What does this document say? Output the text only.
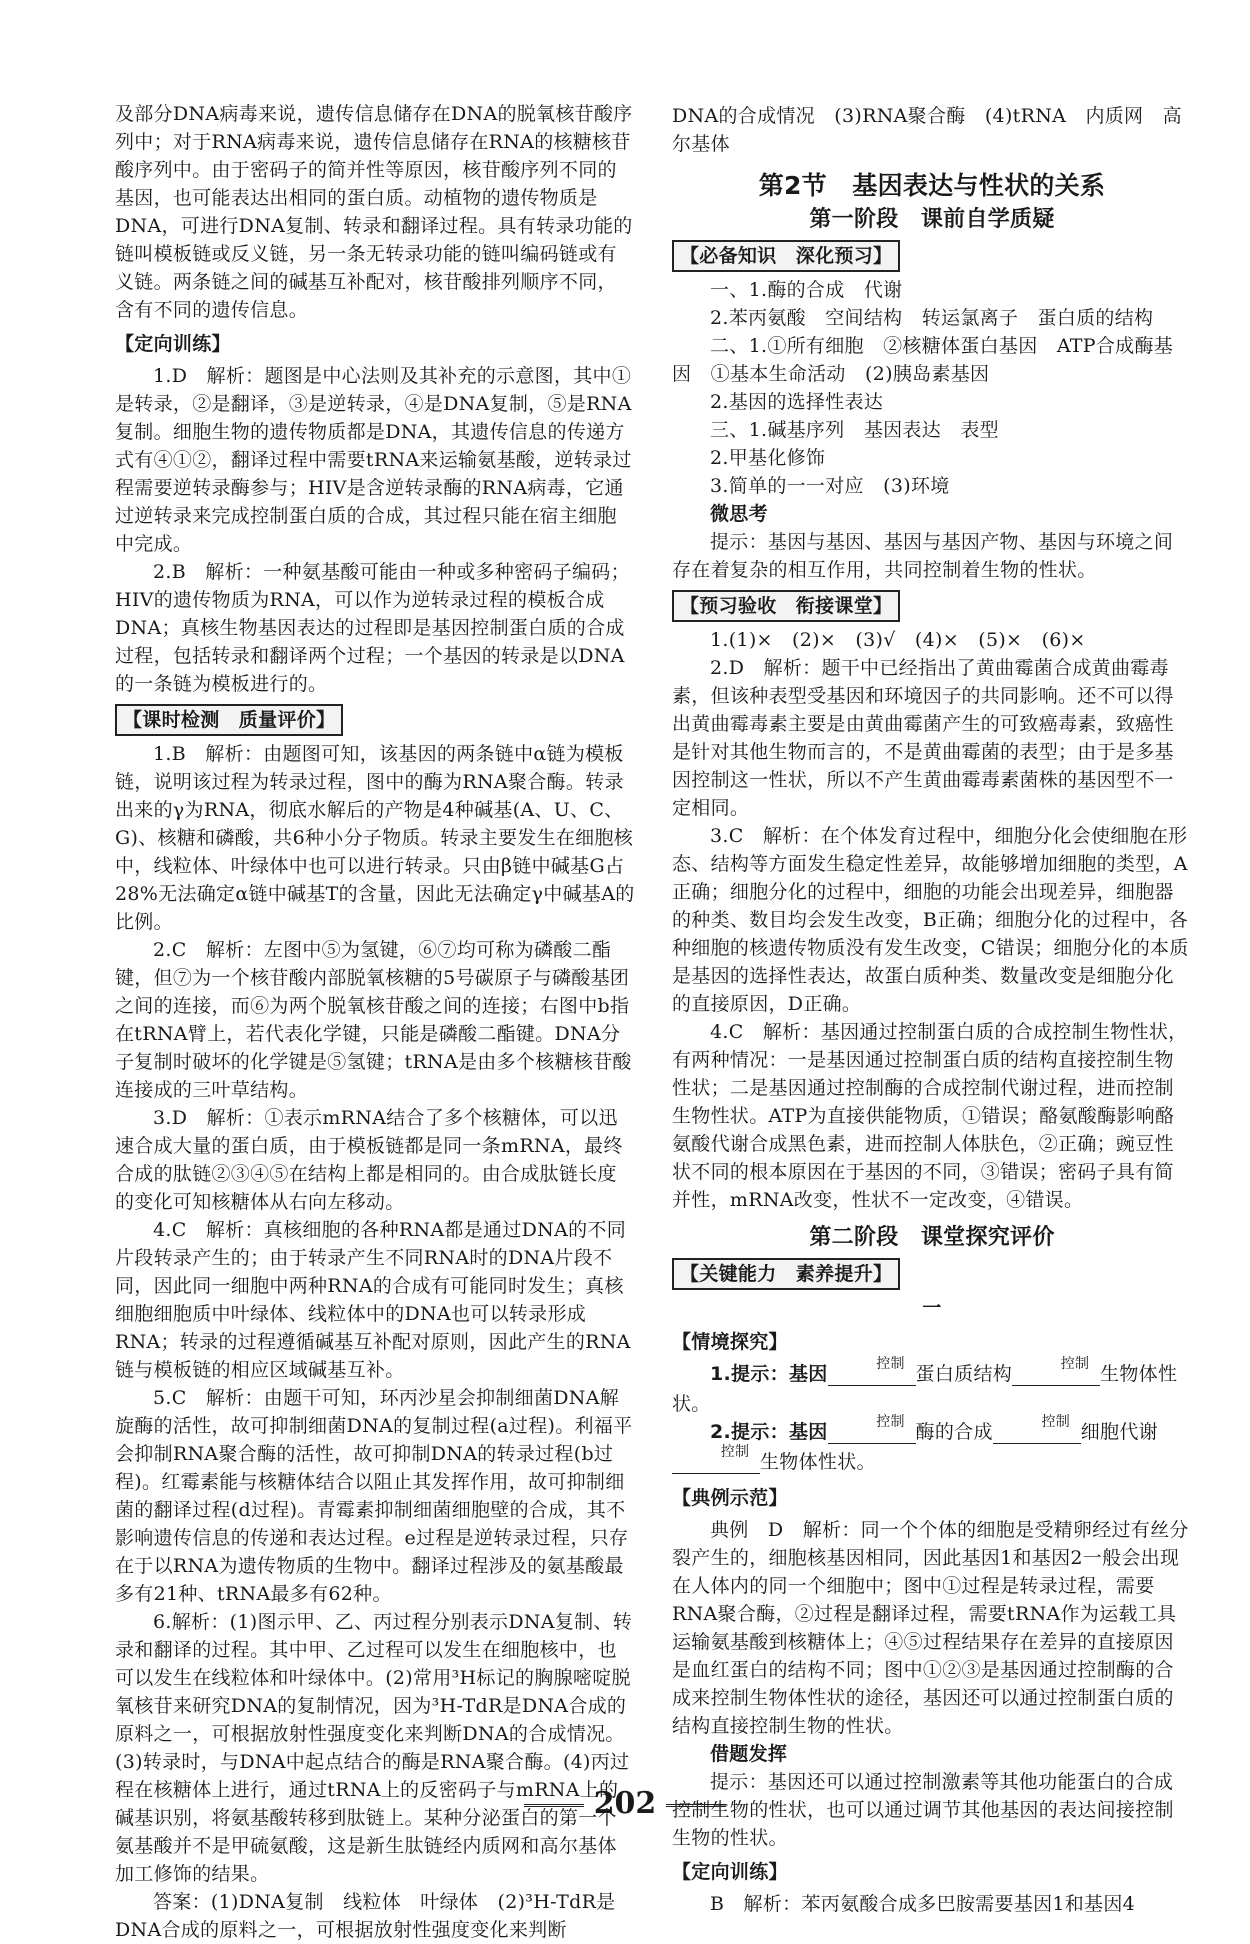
及部分DNA病毒来说，遗传信息储存在DNA的脱氧核苷酸序列中；对于RNA病毒来说，遗传信息储存在RNA的核糖核苷酸序列中。由于密码子的简并性等原因，核苷酸序列不同的基因，也可能表达出相同的蛋白质。动植物的遗传物质是DNA，可进行DNA复制、转录和翻译过程。具有转录功能的链叫模板链或反义链，另一条无转录功能的链叫编码链或有义链。两条链之间的碱基互补配对，核苷酸排列顺序不同，含有不同的遗传信息。

【定向训练】

1.D　解析：题图是中心法则及其补充的示意图，其中①是转录，②是翻译，③是逆转录，④是DNA复制，⑤是RNA复制。细胞生物的遗传物质都是DNA，其遗传信息的传递方式有④①②，翻译过程中需要tRNA来运输氨基酸，逆转录过程需要逆转录酶参与；HIV是含逆转录酶的RNA病毒，它通过逆转录来完成控制蛋白质的合成，其过程只能在宿主细胞中完成。

2.B　解析：一种氨基酸可能由一种或多种密码子编码；HIV的遗传物质为RNA，可以作为逆转录过程的模板合成DNA；真核生物基因表达的过程即是基因控制蛋白质的合成过程，包括转录和翻译两个过程；一个基因的转录是以DNA的一条链为模板进行的。

【课时检测　质量评价】

1.B　解析：由题图可知，该基因的两条链中α链为模板链，说明该过程为转录过程，图中的酶为RNA聚合酶。转录出来的γ为RNA，彻底水解后的产物是4种碱基(A、U、C、G)、核糖和磷酸，共6种小分子物质。转录主要发生在细胞核中，线粒体、叶绿体中也可以进行转录。只由β链中碱基G占28%无法确定α链中碱基T的含量，因此无法确定γ中碱基A的比例。

2.C　解析：左图中⑤为氢键，⑥⑦均可称为磷酸二酯键，但⑦为一个核苷酸内部脱氧核糖的5号碳原子与磷酸基团之间的连接，而⑥为两个脱氧核苷酸之间的连接；右图中b指在tRNA臂上，若代表化学键，只能是磷酸二酯键。DNA分子复制时破坏的化学键是⑤氢键；tRNA是由多个核糖核苷酸连接成的三叶草结构。

3.D　解析：①表示mRNA结合了多个核糖体，可以迅速合成大量的蛋白质，由于模板链都是同一条mRNA，最终合成的肽链②③④⑤在结构上都是相同的。由合成肽链长度的变化可知核糖体从右向左移动。

4.C　解析：真核细胞的各种RNA都是通过DNA的不同片段转录产生的；由于转录产生不同RNA时的DNA片段不同，因此同一细胞中两种RNA的合成有可能同时发生；真核细胞细胞质中叶绿体、线粒体中的DNA也可以转录形成RNA；转录的过程遵循碱基互补配对原则，因此产生的RNA链与模板链的相应区域碱基互补。

5.C　解析：由题干可知，环丙沙星会抑制细菌DNA解旋酶的活性，故可抑制细菌DNA的复制过程(a过程)。利福平会抑制RNA聚合酶的活性，故可抑制DNA的转录过程(b过程)。红霉素能与核糖体结合以阻止其发挥作用，故可抑制细菌的翻译过程(d过程)。青霉素抑制细菌细胞壁的合成，其不影响遗传信息的传递和表达过程。e过程是逆转录过程，只存在于以RNA为遗传物质的生物中。翻译过程涉及的氨基酸最多有21种、tRNA最多有62种。

6.解析：(1)图示甲、乙、丙过程分别表示DNA复制、转录和翻译的过程。其中甲、乙过程可以发生在细胞核中，也可以发生在线粒体和叶绿体中。(2)常用³H标记的胸腺嘧啶脱氧核苷来研究DNA的复制情况，因为³H-TdR是DNA合成的原料之一，可根据放射性强度变化来判断DNA的合成情况。(3)转录时，与DNA中起点结合的酶是RNA聚合酶。(4)丙过程在核糖体上进行，通过tRNA上的反密码子与mRNA上的碱基识别，将氨基酸转移到肽链上。某种分泌蛋白的第一个氨基酸并不是甲硫氨酸，这是新生肽链经内质网和高尔基体加工修饰的结果。

答案：(1)DNA复制　线粒体　叶绿体　(2)³H-TdR是DNA合成的原料之一，可根据放射性强度变化来判断

DNA的合成情况　(3)RNA聚合酶　(4)tRNA　内质网　高尔基体

第2节　基因表达与性状的关系
第一阶段　课前自学质疑
【必备知识　深化预习】

一、1.酶的合成　代谢

2.苯丙氨酸　空间结构　转运氯离子　蛋白质的结构

二、1.①所有细胞　②核糖体蛋白基因　ATP合成酶基因　①基本生命活动　(2)胰岛素基因

2.基因的选择性表达

三、1.碱基序列　基因表达　表型

2.甲基化修饰

3.简单的一一对应　(3)环境

微思考

提示：基因与基因、基因与基因产物、基因与环境之间存在着复杂的相互作用，共同控制着生物的性状。

【预习验收　衔接课堂】

1.(1)×　(2)×　(3)√　(4)×　(5)×　(6)×

2.D　解析：题干中已经指出了黄曲霉菌合成黄曲霉毒素，但该种表型受基因和环境因子的共同影响。还不可以得出黄曲霉毒素主要是由黄曲霉菌产生的可致癌毒素，致癌性是针对其他生物而言的，不是黄曲霉菌的表型；由于是多基因控制这一性状，所以不产生黄曲霉毒素菌株的基因型不一定相同。

3.C　解析：在个体发育过程中，细胞分化会使细胞在形态、结构等方面发生稳定性差异，故能够增加细胞的类型，A正确；细胞分化的过程中，细胞的功能会出现差异，细胞器的种类、数目均会发生改变，B正确；细胞分化的过程中，各种细胞的核遗传物质没有发生改变，C错误；细胞分化的本质是基因的选择性表达，故蛋白质种类、数量改变是细胞分化的直接原因，D正确。

4.C　解析：基因通过控制蛋白质的合成控制生物性状，有两种情况：一是基因通过控制蛋白质的结构直接控制生物性状；二是基因通过控制酶的合成控制代谢过程，进而控制生物性状。ATP为直接供能物质，①错误；酪氨酸酶影响酪氨酸代谢合成黑色素，进而控制人体肤色，②正确；豌豆性状不同的根本原因在于基因的不同，③错误；密码子具有简并性，mRNA改变，性状不一定改变，④错误。

第二阶段　课堂探究评价
【关键能力　素养提升】
一
【情境探究】

1.提示：基因	控制 蛋白质结构	控制 生物体性状。

2.提示：基因	控制 酶的合成	控制 细胞代谢控制 生物体性状。

【典例示范】

典例　D　解析：同一个个体的细胞是受精卵经过有丝分裂产生的，细胞核基因相同，因此基因1和基因2一般会出现在人体内的同一个细胞中；图中①过程是转录过程，需要RNA聚合酶，②过程是翻译过程，需要tRNA作为运载工具运输氨基酸到核糖体上；④⑤过程结果存在差异的直接原因是血红蛋白的结构不同；图中①②③是基因通过控制酶的合成来控制生物体性状的途径，基因还可以通过控制蛋白质的结构直接控制生物的性状。

借题发挥

提示：基因还可以通过控制激素等其他功能蛋白的合成控制生物的性状，也可以通过调节其他基因的表达间接控制生物的性状。

【定向训练】

B　解析：苯丙氨酸合成多巴胺需要基因1和基因4

202
